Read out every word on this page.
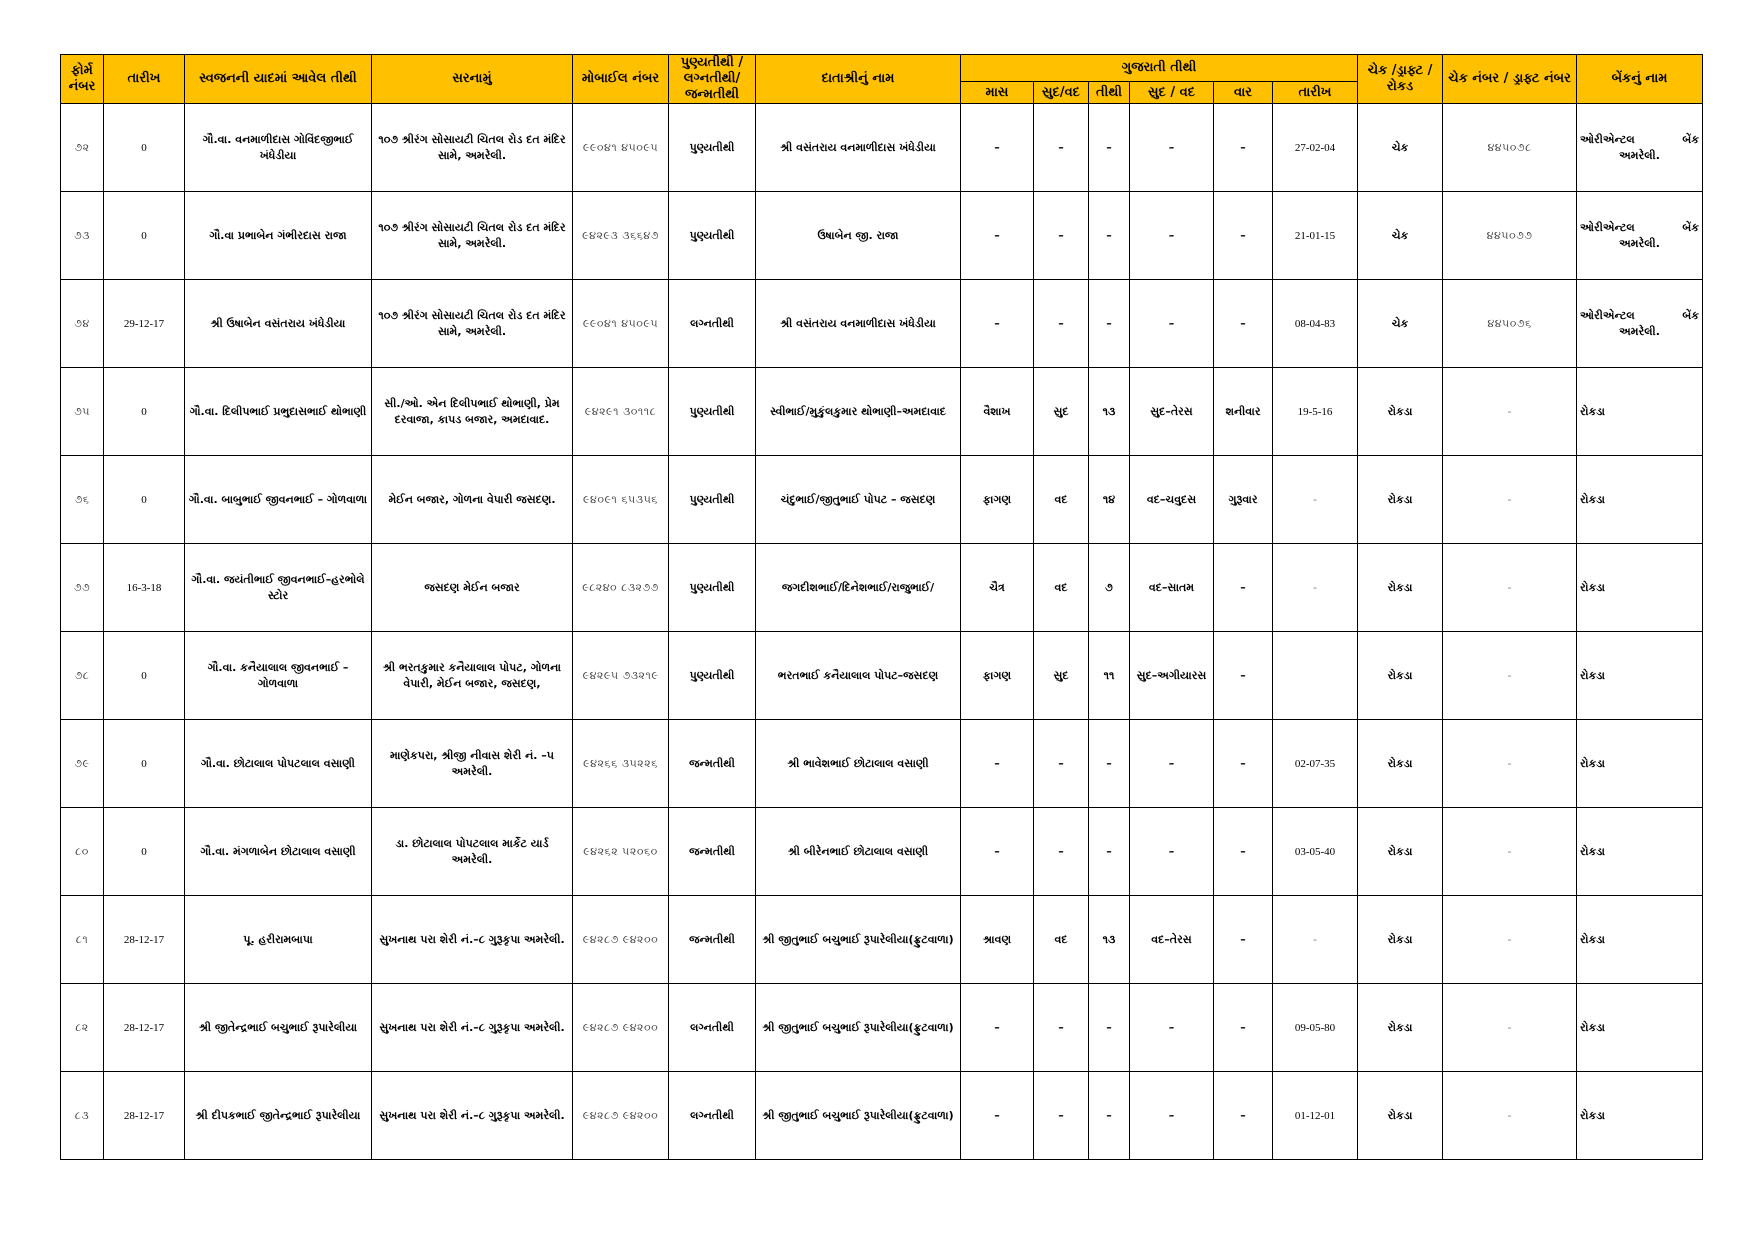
ફોર્મ નંબર	તારીખ	સ્વજનની યાદમાં આવેલ તીથી	સરનામું	મોબાઈલ નંબર	પુણ્યતીથી / લગ્નતીથી/ જન્મતીથી	દાતાશ્રીનું નામ	ગુજરાતી તીથી						ચેક /ડ્રાફ્ટ / રોકડ	ચેક નંબર / ડ્રાફ્ટ નંબર	બેંકનું નામ
							માસ	સુદ/વદ	તીથી	સુદ / વદ	વાર	તારીખ			
૭૨	0	ગૌ.વા. વનમાળીદાસ ગોવિંદજીભાઈ ખંધેડીયા	૧૦૭ શ્રીરંગ સોસાયટી ચિતલ રોડ દત મંદિર સામે, અમરેલી.	૯૯૦૪૧ ૪૫૦૯૫	પુણ્યતીથી	શ્રી વસંતરાય વનમાળીદાસ ખંધેડીયા	–	–	–	–	–	27-02-04	ચેક	૪૪૫૦૭૮	ઓરીએન્ટલ બેંક
અમરેલી.

૭૩	0	ગૌ.વા પ્રભાબેન ગંભીરદાસ રાજા	૧૦૭ શ્રીરંગ સોસાયટી ચિતલ રોડ દત મંદિર સામે, અમરેલી.	૯૪૨૯૩ ૩૬૬૪૭	પુણ્યતીથી	ઉષાબેન જી. રાજા	–	–	–	–	–	21-01-15	ચેક	૪૪૫૦૭૭	ઓરીએન્ટલ બેંક
અમરેલી.

૭૪	29-12-17	શ્રી ઉષાબેન વસંતરાય ખંધેડીયા	૧૦૭ શ્રીરંગ સોસાયટી ચિતલ રોડ દત મંદિર સામે, અમરેલી.	૯૯૦૪૧ ૪૫૦૯૫	લગ્નતીથી	શ્રી વસંતરાય વનમાળીદાસ ખંધેડીયા	–	–	–	–	–	08-04-83	ચેક	૪૪૫૦૭૬	ઓરીએન્ટલ બેંક
અમરેલી.

૭૫	0	ગૌ.વા. દિલીપભાઈ પ્રભુદાસભાઈ થોભાણી	સી./ઓ. એન દિલીપભાઈ થોભાણી, પ્રેમ દરવાજા, કાપડ બજાર, અમદાવાદ.	૯૪૨૯૧ ૩૦૧૧૮	પુણ્યતીથી	સ્વીભાઈ/મુકુંલકુમાર થોભાણી–અમદાવાદ	વૈશાખ	સુદ	૧૩	સુદ–તેરસ	શનીવાર	19-5-16	રોકડા	-	રોકડા

૭૬	0	ગૌ.વા. બાબુભાઈ જીવનભાઈ – ગોળવાળા	મેઈન બજાર, ગોળના વેપારી જસદણ.	૯૪૦૯૧ ૬૫૩૫૬	પુણ્યતીથી	ચંદુભાઈ/જીતુભાઈ પોપટ – જસદણ	ફાગણ	વદ	૧૪	વદ–ચવુદસ	ગુરૂવાર	-	રોકડા	-	રોકડા

૭૭	16-3-18	ગૌ.વા. જયંતીભાઈ જીવનભાઈ–હરભોલે સ્ટોર	જસદણ મેઈન બજાર	૯૮૨૪૦ ૮૩૨૭૭	પુણ્યતીથી	જગદીશભાઈ/દિનેશભાઈ/રાજુભાઈ/	ચૈત્ર	વદ	૭	વદ–સાતમ	–	-	રોકડા	-	રોકડા

૭૮	0	ગૌ.વા. કનૈયાલાલ જીવનભાઈ – ગોળવાળા	શ્રી ભરતકુમાર કનૈયાલાલ પોપટ, ગોળના વેપારી, મેઈન બજાર, જસદણ,	૯૪૨૯૫ ૭૩૨૧૯	પુણ્યતીથી	ભરતભાઈ કનૈયાલાલ પોપટ–જસદણ	ફાગણ	સુદ	૧૧	સુદ–અગીયારસ	–		રોકડા	-	રોકડા

૭૯	0	ગૌ.વા. છોટાલાલ પોપટલાલ વસાણી	માણેકપરા, શ્રીજી નીવાસ શેરી નં. –૫ અમરેલી.	૯૪૨૬૬ ૩૫૨૨૬	જન્મતીથી	શ્રી ભાવેશભાઈ છોટાલાલ વસાણી	–	–	–	–	–	02-07-35	રોકડા	-	રોકડા

૮૦	0	ગૌ.વા. મંગળાબેન છોટાલાલ વસાણી	ડા. છોટાલાલ પોપટલાલ માર્કેટ યાર્ડ અમરેલી.	૯૪૨૬૨ ૫૨૦૬૦	જન્મતીથી	શ્રી બીરેનભાઈ છોટાલાલ વસાણી	–	–	–	–	–	03-05-40	રોકડા	-	રોકડા

૮૧	28-12-17	પૂ. હરીરામબાપા	સુખનાથ પરા શેરી નં.–૮ ગુરૂકૃપા અમરેલી.	૯૪૨૮૭ ૯૪૨૦૦	જન્મતીથી	શ્રી જીતુભાઈ બચુભાઈ રૂપારેલીયા(ફ્રુટવાળા)	શ્રાવણ	વદ	૧૩	વદ–તેરસ	–	-	રોકડા	-	રોકડા

૮૨	28-12-17	શ્રી જીતેન્દ્રભાઈ બચુભાઈ રૂપારેલીયા	સુખનાથ પરા શેરી નં.–૮ ગુરૂકૃપા અમરેલી.	૯૪૨૮૭ ૯૪૨૦૦	લગ્નતીથી	શ્રી જીતુભાઈ બચુભાઈ રૂપારેલીયા(ફ્રુટવાળા)	–	–	–	–	–	09-05-80	રોકડા	-	રોકડા

૮૩	28-12-17	શ્રી દીપકભાઈ જીતેન્દ્રભાઈ રૂપારેલીયા	સુખનાથ પરા શેરી નં.–૮ ગુરૂકૃપા અમરેલી.	૯૪૨૮૭ ૯૪૨૦૦	લગ્નતીથી	શ્રી જીતુભાઈ બચુભાઈ રૂપારેલીયા(ફ્રુટવાળા)	–	–	–	–	–	01-12-01	રોકડા	-	રોકડા
